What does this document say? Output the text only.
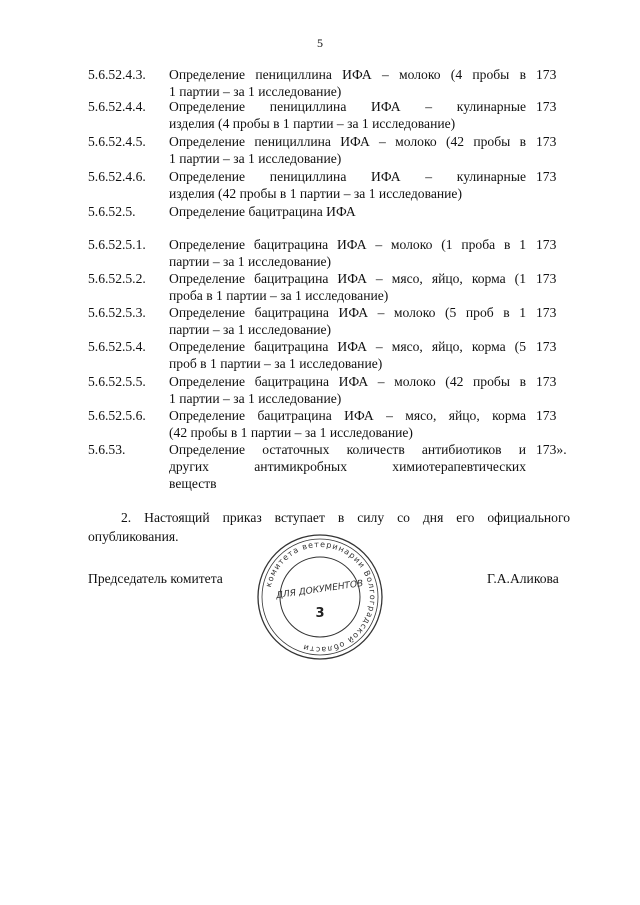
5
5.6.52.4.3. Определение пенициллина ИФА – молоко (4 пробы в
1 партии – за 1 исследование)
173
5.6.52.4.4. Определение пенициллина ИФА – кулинарные
изделия (4 пробы в 1 партии – за 1 исследование)
173
5.6.52.4.5. Определение пенициллина ИФА – молоко (42 пробы в
1 партии – за 1 исследование)
173
5.6.52.4.6. Определение пенициллина ИФА – кулинарные
изделия (42 пробы в 1 партии – за 1 исследование)
173
5.6.52.5. Определение бацитрацина ИФА
5.6.52.5.1. Определение бацитрацина ИФА – молоко (1 проба в 1
партии – за 1 исследование)
173
5.6.52.5.2. Определение бацитрацина ИФА – мясо, яйцо, корма (1
проба в 1 партии – за 1 исследование)
173
5.6.52.5.3. Определение бацитрацина ИФА – молоко (5 проб в 1
партии – за 1 исследование)
173
5.6.52.5.4. Определение бацитрацина ИФА – мясо, яйцо, корма (5
проб в 1 партии – за 1 исследование)
173
5.6.52.5.5. Определение бацитрацина ИФА – молоко (42 пробы в
1 партии – за 1 исследование)
173
5.6.52.5.6. Определение бацитрацина ИФА – мясо, яйцо, корма
(42 пробы в 1 партии – за 1 исследование)
173
5.6.53.	Определение остаточных количеств антибиотиков и
других антимикробных химиотерапевтических
веществ
173».
2. Настоящий приказ вступает в силу со дня его официального
опубликования.
Председатель комитета	Г.А.Аликова
комитета ветеринарии Волгоградской области
ДЛЯ ДОКУМЕНТОВ
3
